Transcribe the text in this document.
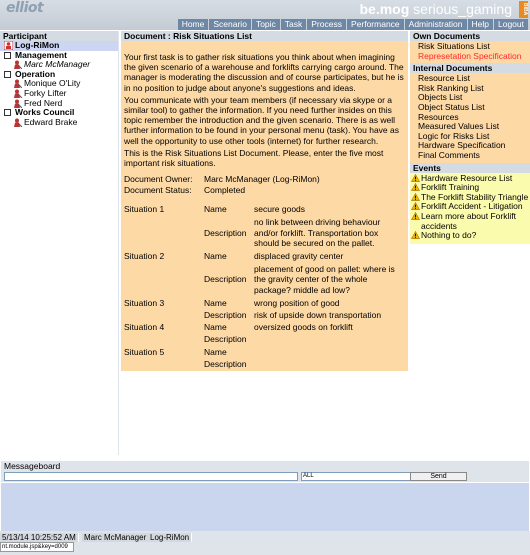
elliot	be.mog serious_gaming	BIBA
Home	Scenario	Topic	Task	Process	Performance	Administration	Help	Logout
Participant
Log-RiMon
Management
Marc McManager
Operation
Monique O'Lity
Forky Lifter
Fred Nerd
Works Council
Edward Brake
Document : Risk Situations List

Your first task is to gather risk situations you think about when imagining the given scenario of a warehouse and forklifts carrying cargo around. The manager is moderating the discussion and of course participates, but he is in no position to judge about anyone's suggestions and ideas.

You communicate with your team members (if necessary via skype or a similar tool) to gather the information. If you need further insides on this topic remember the introduction and the given scenario. There is as well further information to be found in your personal menu (task). You have as well the opportunity to use other tools (internet) for further research.

This is the Risk Situations List Document. Please, enter the five most important risk situations.

Document Owner:	Marc McManager (Log-RiMon)
Document Status:	Completed
Situation 1	Name	secure goods

	Description	no link between driving behaviour and/or forklift. Transportation box should be secured on the pallet.

Situation 2	Name	displaced gravity center

	Description	placement of good on pallet: where is the gravity center of the whole package? middle ad low?

Situation 3	Name	wrong position of good

	Description	risk of upside down transportation

Situation 4	Name	oversized goods on forklift

	Description	

Situation 5	Name	

	Description	
Own Documents
Risk Situations List
Represetation Specification
Internal Documents
Resource List
Risk Ranking List
Objects List
Object Status List
Resources
Measured Values List
Logic for Risks List
Hardware Specification
Final Comments
Events
Hardware Resource List
Forklift Training
The Forklift Stability Triangle
Forklift Accident - Litigation
Learn more about Forklift accidents
Nothing to do?
Messageboard
ALL	Send
5/13/14 10:25:52 AM	Marc McManager Log-RiMon
nt.module.jsp&key=d009
